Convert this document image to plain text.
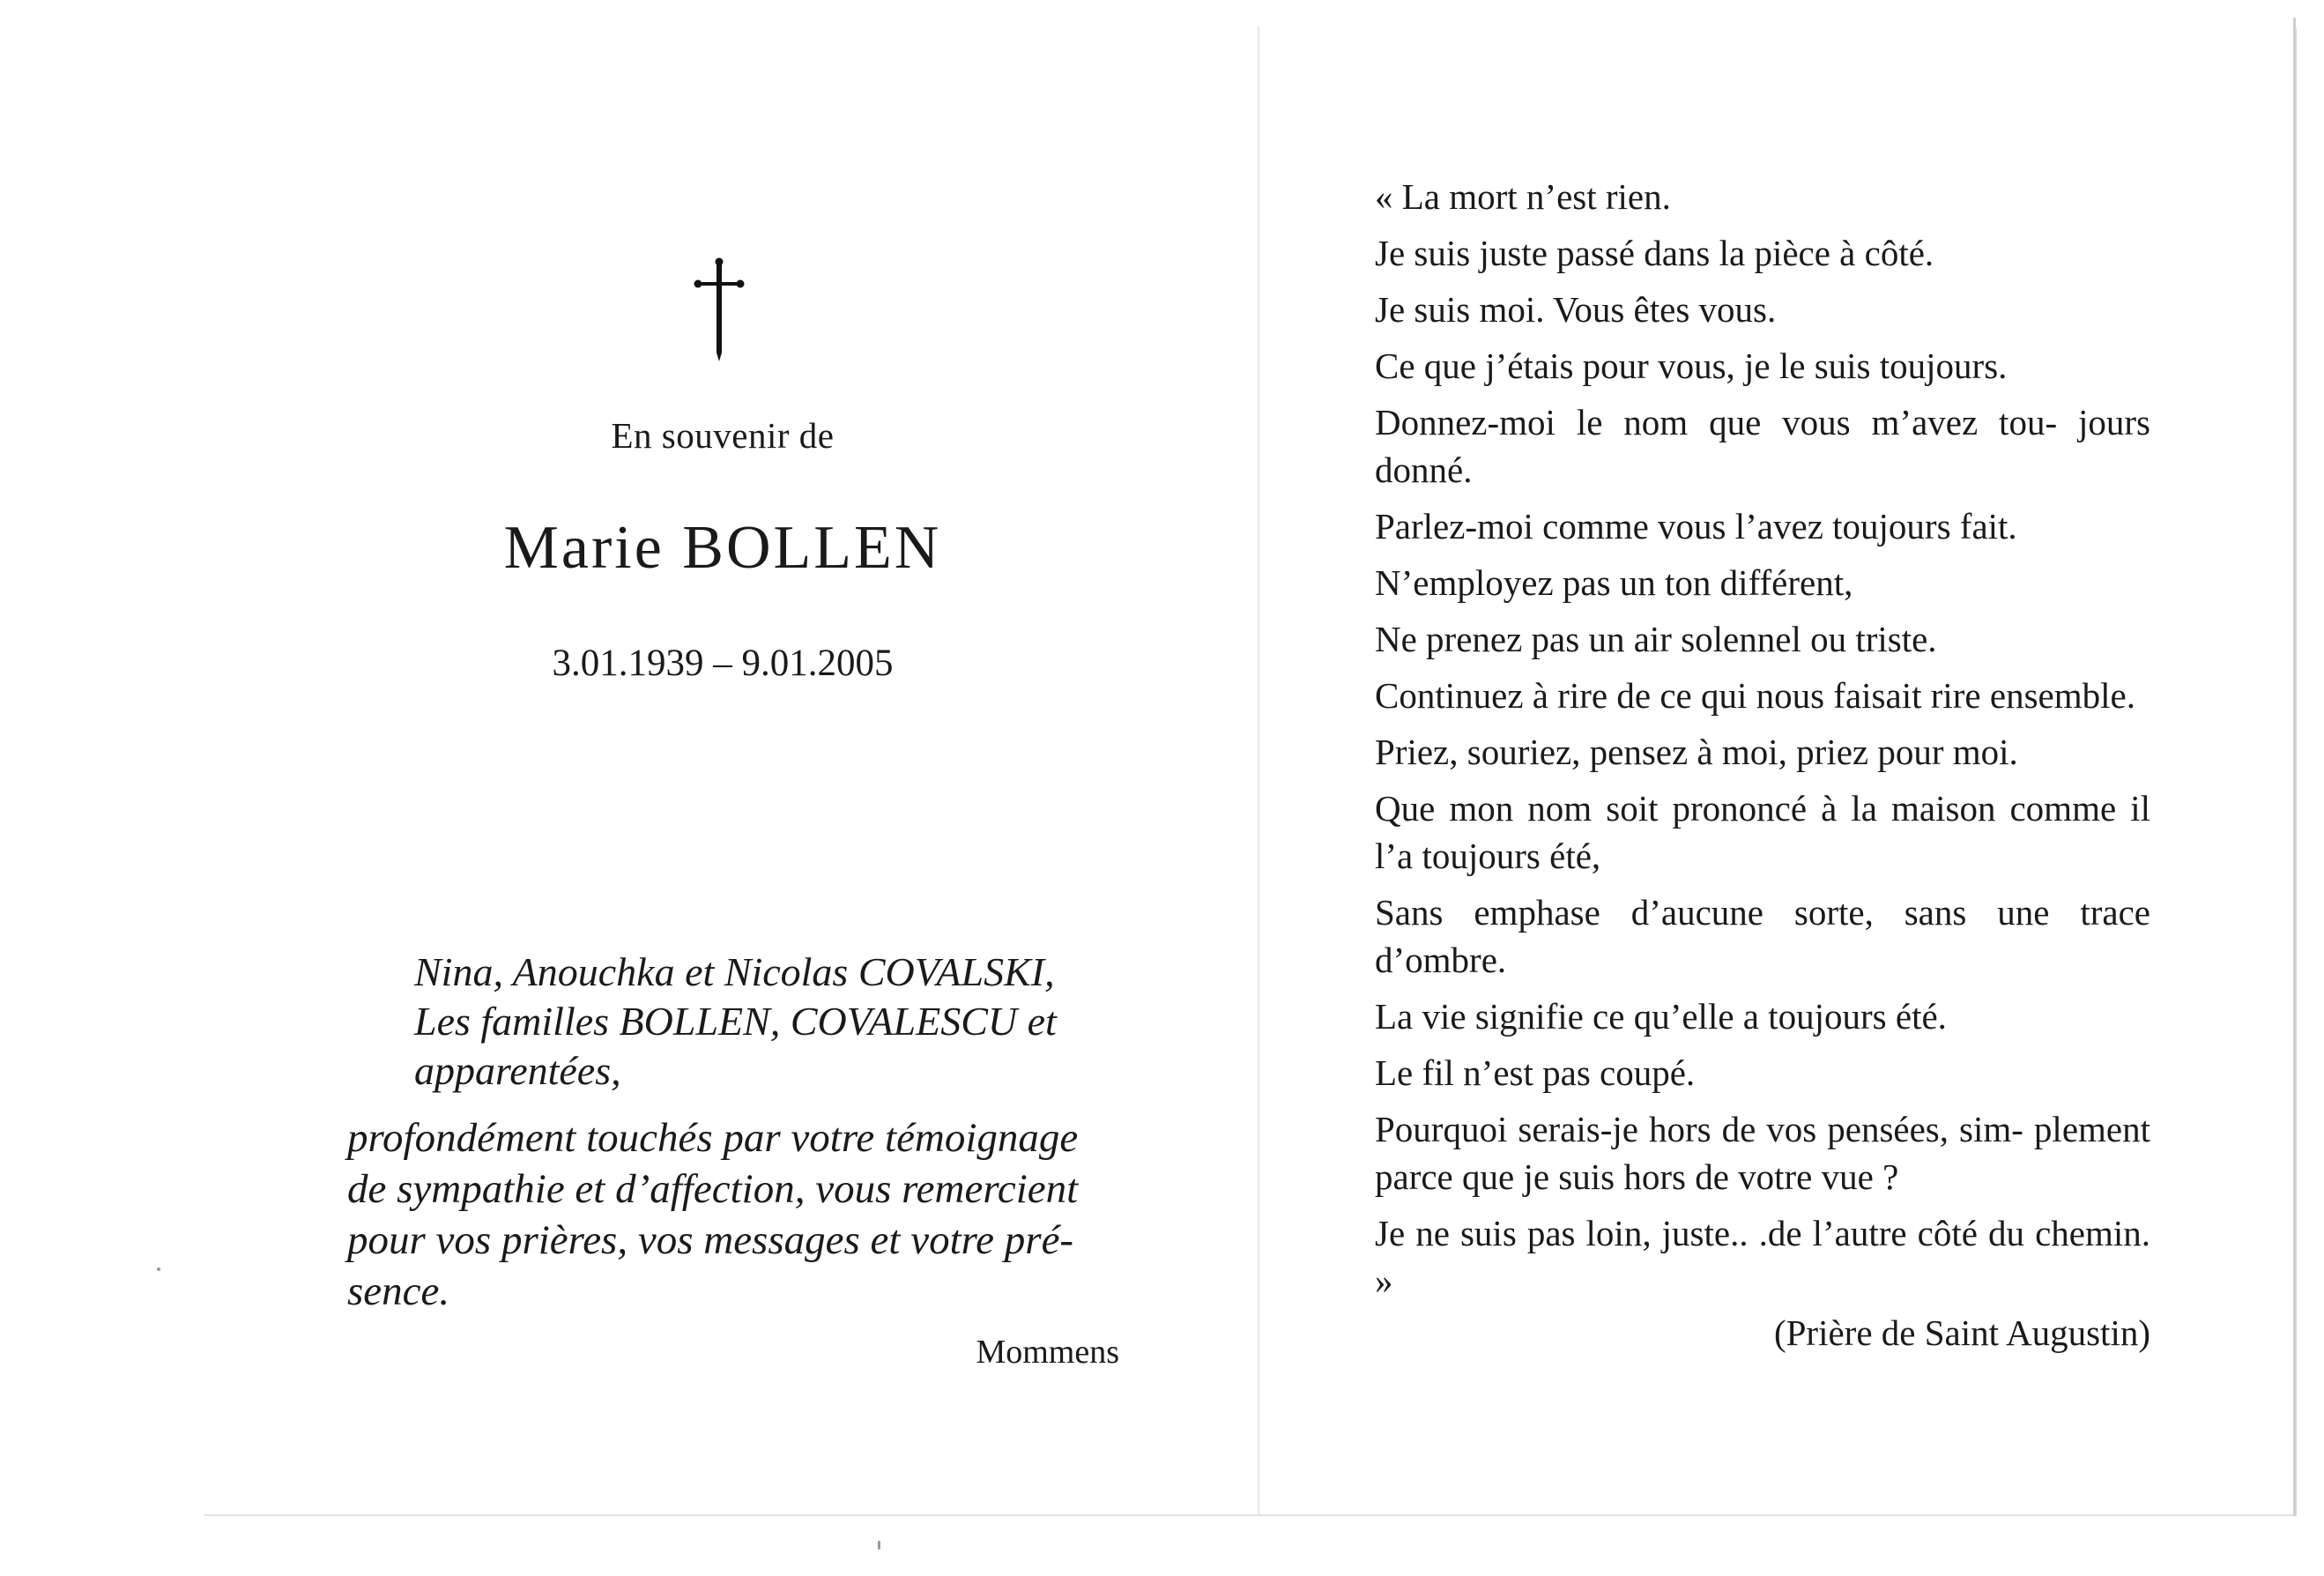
En souvenir de
Marie BOLLEN
3.01.1939 – 9.01.2005
Nina, Anouchka et Nicolas COVALSKI,
Les familles BOLLEN, COVALESCU et
apparentées,
profondément touchés par votre témoignage
de sympathie et d’affection, vous remercient
pour vos prières, vos messages et votre pré-
sence.
Mommens
« La mort n’est rien.
Je suis juste passé dans la pièce à côté.
Je suis moi. Vous êtes vous.
Ce que j’étais pour vous, je le suis toujours.
Donnez-moi le nom que vous m’avez tou- jours donné.
Parlez-moi comme vous l’avez toujours fait.
N’employez pas un ton différent,
Ne prenez pas un air solennel ou triste.
Continuez à rire de ce qui nous faisait rire ensemble.
Priez, souriez, pensez à moi, priez pour moi.
Que mon nom soit prononcé à la maison comme il l’a toujours été,
Sans emphase d’aucune sorte, sans une trace d’ombre.
La vie signifie ce qu’elle a toujours été.
Le fil n’est pas coupé.
Pourquoi serais-je hors de vos pensées, sim- plement parce que je suis hors de votre vue ?
Je ne suis pas loin, juste.. .de l’autre côté du chemin. »
(Prière de Saint Augustin)
